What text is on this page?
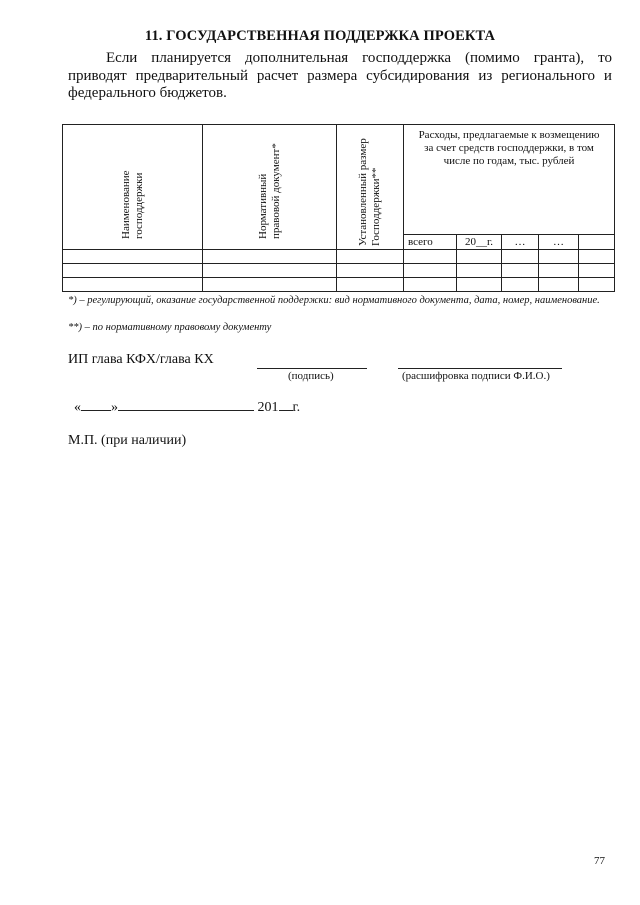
11. ГОСУДАРСТВЕННАЯ ПОДДЕРЖКА ПРОЕКТА
Если планируется дополнительная господдержка (помимо гранта), то
приводят предварительный расчет размера субсидирования из регионального и
федерального бюджетов.
Наименование господдержки	Нормативный правовой документ*	Установленный размер Господдержки**	Расходы, предлагаемые к возмещению за счет средств господдержки, в том числе по годам, тыс. рублей				

			всего	20__г.	…	…	

*) – регулирующий, оказание государственной поддержки: вид нормативного документа, дата, номер, наименование.
**) – по нормативному правовому документу
ИП глава КФХ/глава КХ
(подпись)	(расшифровка подписи Ф.И.О.)
« »	201 г.
М.П. (при наличии)
77
